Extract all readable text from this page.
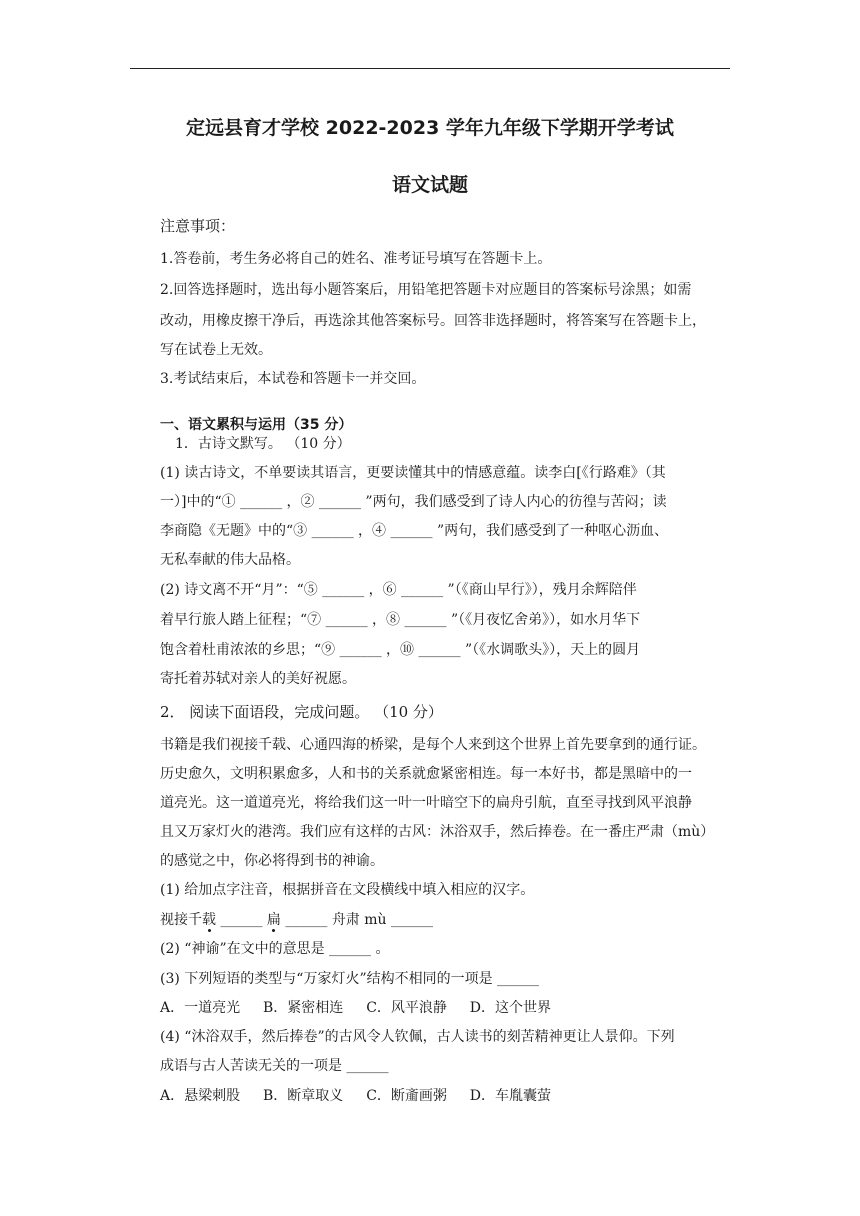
定远县育才学校 2022-2023 学年九年级下学期开学考试
语文试题
注意事项：
1.答卷前，考生务必将自己的姓名、准考证号填写在答题卡上。
2.回答选择题时，选出每小题答案后，用铅笔把答题卡对应题目的答案标号涂黑；如需
改动，用橡皮擦干净后，再选涂其他答案标号。回答非选择题时，将答案写在答题卡上，
写在试卷上无效。
3.考试结束后，本试卷和答题卡一并交回。
一、语文累积与运用（35 分）
1．古诗文默写。 （10 分）
(1) 读古诗文，不单要读其语言，更要读懂其中的情感意蕴。读李白[《行路难》（其
一）]中的“① ______ ，② ______ ”两句，我们感受到了诗人内心的彷徨与苦闷；读
李商隐《无题》中的“③ ______ ，④ ______ ”两句，我们感受到了一种呕心沥血、
无私奉献的伟大品格。
(2) 诗文离不开“月”：“⑤ ______ ，⑥ ______ ”（《商山早行》），残月余辉陪伴
着早行旅人踏上征程；“⑦ ______ ，⑧ ______ ”（《月夜忆舍弟》），如水月华下
饱含着杜甫浓浓的乡思；“⑨ ______ ，⑩ ______ ”（《水调歌头》），天上的圆月
寄托着苏轼对亲人的美好祝愿。
2． 阅读下面语段，完成问题。 （10 分）
书籍是我们视接千载、心通四海的桥梁，是每个人来到这个世界上首先要拿到的通行证。
历史愈久，文明积累愈多，人和书的关系就愈紧密相连。每一本好书，都是黑暗中的一
道亮光。这一道道亮光，将给我们这一叶一叶暗空下的扁舟引航，直至寻找到风平浪静
且又万家灯火的港湾。我们应有这样的古风：沐浴双手，然后捧卷。在一番庄严肃（mù）
的感觉之中，你必将得到书的神谕。
(1) 给加点字注音，根据拼音在文段横线中填入相应的汉字。
视接千载 ______ 扁 ______ 舟肃 mù ______
(2) “神谕”在文中的意思是 ______ 。
(3) 下列短语的类型与“万家灯火”结构不相同的一项是 ______
A．一道亮光 　 B．紧密相连 　 C．风平浪静 　 D．这个世界
(4) “沐浴双手，然后捧卷”的古风令人钦佩，古人读书的刻苦精神更让人景仰。下列
成语与古人苦读无关的一项是 ______
A．悬梁刺股 　 B．断章取义 　 C．断齑画粥 　 D．车胤囊萤
